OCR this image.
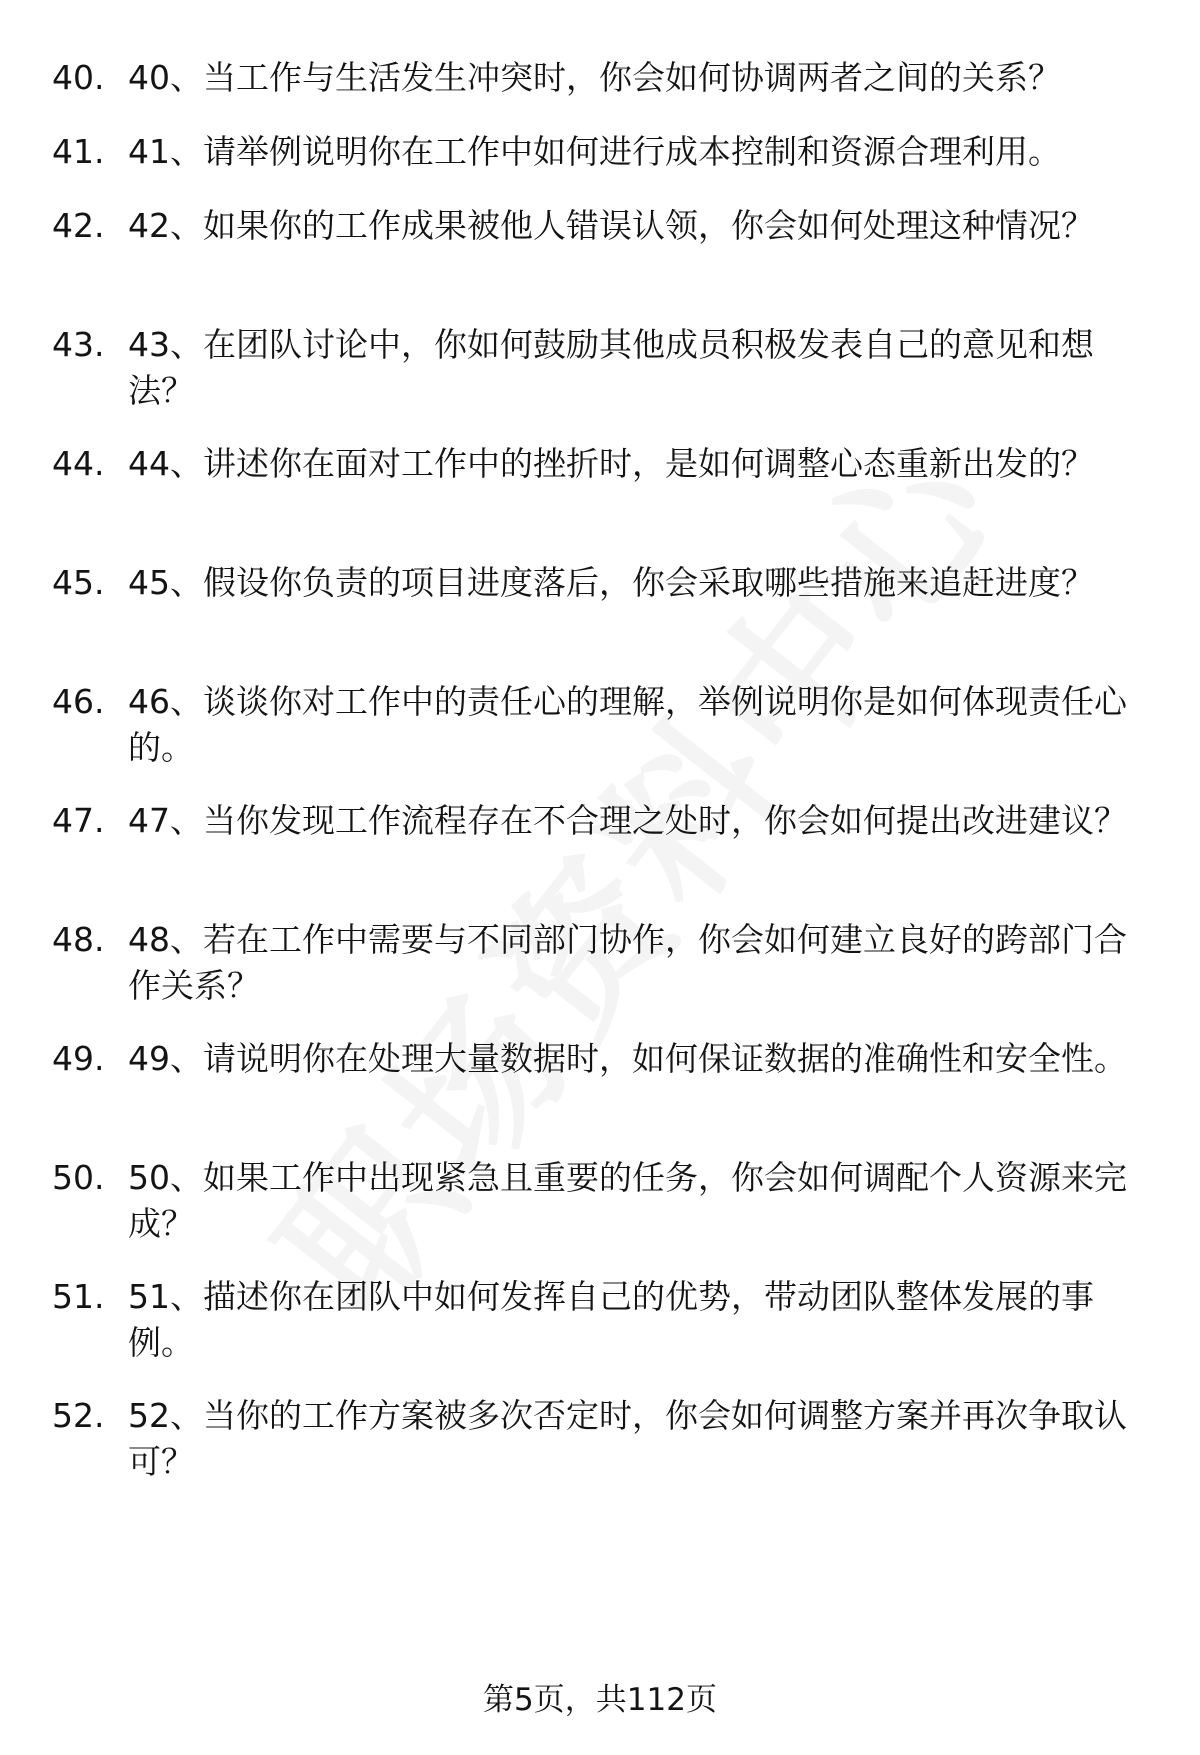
40. 40、当工作与生活发生冲突时，你会如何协调两者之间的关系？
41. 41、请举例说明你在工作中如何进行成本控制和资源合理利用。
42. 42、如果你的工作成果被他人错误认领，你会如何处理这种情况？
43. 43、在团队讨论中，你如何鼓励其他成员积极发表自己的意见和想法？
44. 44、讲述你在面对工作中的挫折时，是如何调整心态重新出发的？
45. 45、假设你负责的项目进度落后，你会采取哪些措施来追赶进度？
46. 46、谈谈你对工作中的责任心的理解，举例说明你是如何体现责任心的。
47. 47、当你发现工作流程存在不合理之处时，你会如何提出改进建议？
48. 48、若在工作中需要与不同部门协作，你会如何建立良好的跨部门合作关系？
49. 49、请说明你在处理大量数据时，如何保证数据的准确性和安全性。
50. 50、如果工作中出现紧急且重要的任务，你会如何调配个人资源来完成？
51. 51、描述你在团队中如何发挥自己的优势，带动团队整体发展的事例。
52. 52、当你的工作方案被多次否定时，你会如何调整方案并再次争取认可？
第5页，共112页
